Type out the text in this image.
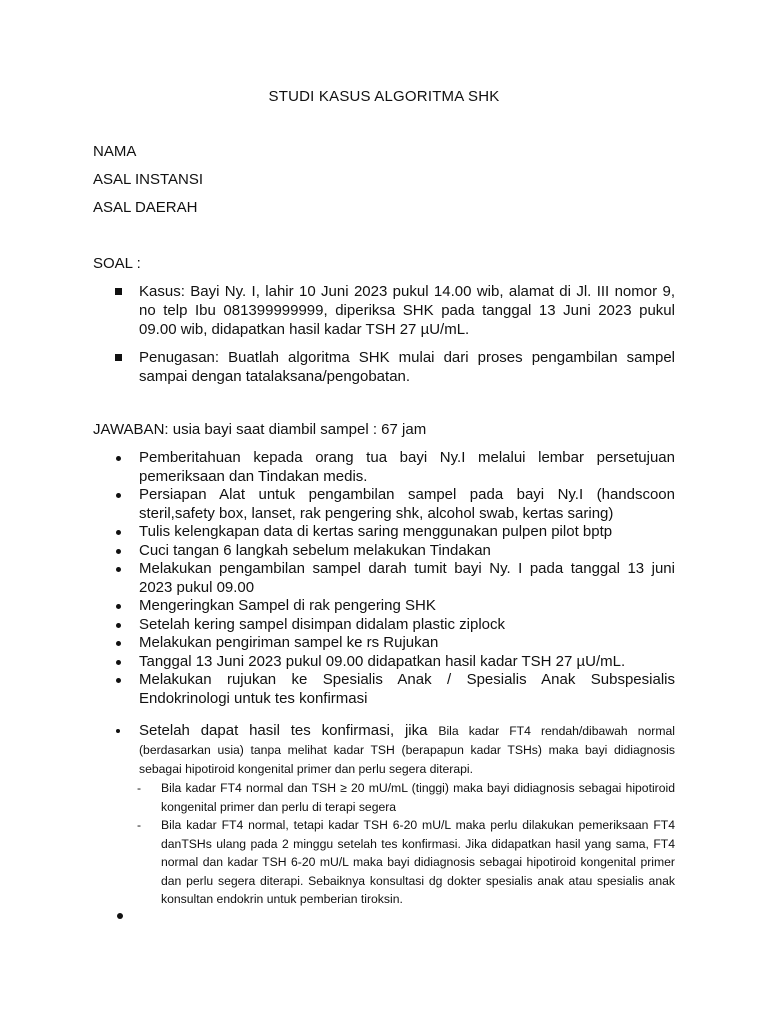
STUDI KASUS ALGORITMA SHK
NAMA
ASAL INSTANSI
ASAL DAERAH
SOAL :
Kasus: Bayi Ny. I, lahir 10 Juni 2023 pukul 14.00 wib, alamat di Jl. III nomor 9, no telp Ibu 081399999999, diperiksa SHK pada tanggal 13 Juni 2023 pukul 09.00 wib, didapatkan hasil kadar TSH 27 µU/mL.
Penugasan: Buatlah algoritma SHK mulai dari proses pengambilan sampel sampai dengan tatalaksana/pengobatan.
JAWABAN: usia bayi saat diambil sampel : 67 jam
Pemberitahuan kepada orang tua bayi Ny.I melalui lembar persetujuan pemeriksaan dan Tindakan medis.
Persiapan Alat untuk pengambilan sampel pada bayi Ny.I (handscoon steril,safety box, lanset, rak pengering shk, alcohol swab, kertas saring)
Tulis kelengkapan data di kertas saring menggunakan pulpen pilot bptp
Cuci tangan 6 langkah sebelum melakukan Tindakan
Melakukan pengambilan sampel darah tumit bayi Ny. I pada tanggal 13 juni 2023 pukul 09.00
Mengeringkan Sampel di rak pengering SHK
Setelah kering sampel disimpan didalam plastic ziplock
Melakukan pengiriman sampel ke rs Rujukan
Tanggal 13 Juni 2023 pukul 09.00 didapatkan hasil kadar TSH 27 µU/mL.
Melakukan rujukan ke Spesialis Anak / Spesialis Anak Subspesialis Endokrinologi untuk tes konfirmasi
Setelah dapat hasil tes konfirmasi, jika Bila kadar FT4 rendah/dibawah normal (berdasarkan usia) tanpa melihat kadar TSH (berapapun kadar TSHs) maka bayi didiagnosis sebagai hipotiroid kongenital primer dan perlu segera diterapi.
- Bila kadar FT4 normal dan TSH ≥ 20 mU/mL (tinggi) maka bayi didiagnosis sebagai hipotiroid kongenital primer dan perlu di terapi segera
- Bila kadar FT4 normal, tetapi kadar TSH 6-20 mU/L maka perlu dilakukan pemeriksaan FT4 danTSHs ulang pada 2 minggu setelah tes konfirmasi. Jika didapatkan hasil yang sama, FT4 normal dan kadar TSH 6-20 mU/L maka bayi didiagnosis sebagai hipotiroid kongenital primer dan perlu segera diterapi. Sebaiknya konsultasi dg dokter spesialis anak atau spesialis anak konsultan endokrin untuk pemberian tiroksin.
